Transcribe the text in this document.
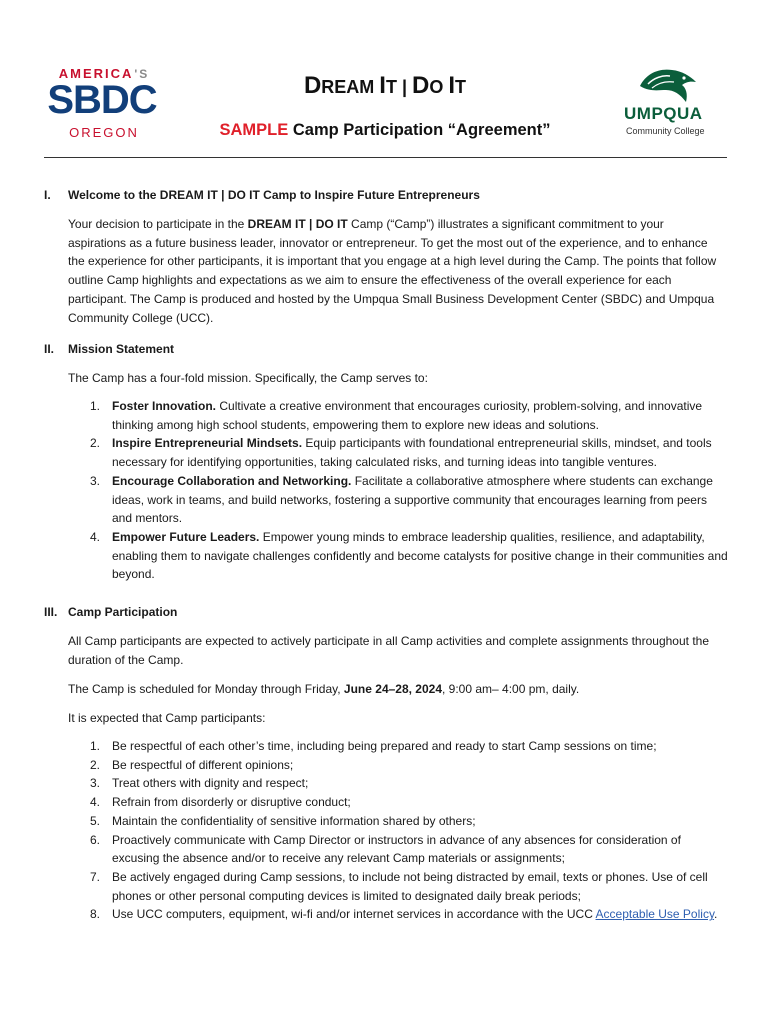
AMERICA'S
SBDC
OREGON
DREAM IT | DO IT
SAMPLE Camp Participation “Agreement”
UMPQUA
Community College
I. Welcome to the DREAM IT | DO IT Camp to Inspire Future Entrepreneurs

Your decision to participate in the DREAM IT | DO IT Camp (“Camp”) illustrates a significant commitment to your aspirations as a future business leader, innovator or entrepreneur. To get the most out of the experience, and to enhance the experience for other participants, it is important that you engage at a high level during the Camp. The points that follow outline Camp highlights and expectations as we aim to ensure the effectiveness of the overall experience for each participant. The Camp is produced and hosted by the Umpqua Small Business Development Center (SBDC) and Umpqua Community College (UCC).

II. Mission Statement

The Camp has a four-fold mission. Specifically, the Camp serves to:

1. Foster Innovation. Cultivate a creative environment that encourages curiosity, problem-solving, and innovative thinking among high school students, empowering them to explore new ideas and solutions.
2. Inspire Entrepreneurial Mindsets. Equip participants with foundational entrepreneurial skills, mindset, and tools necessary for identifying opportunities, taking calculated risks, and turning ideas into tangible ventures.
3. Encourage Collaboration and Networking. Facilitate a collaborative atmosphere where students can exchange ideas, work in teams, and build networks, fostering a supportive community that encourages learning from peers and mentors.
4. Empower Future Leaders. Empower young minds to embrace leadership qualities, resilience, and adaptability, enabling them to navigate challenges confidently and become catalysts for positive change in their communities and beyond.
III. Camp Participation

All Camp participants are expected to actively participate in all Camp activities and complete assignments throughout the duration of the Camp.

The Camp is scheduled for Monday through Friday, June 24–28, 2024, 9:00 am– 4:00 pm, daily.

It is expected that Camp participants:

1. Be respectful of each other’s time, including being prepared and ready to start Camp sessions on time;
2. Be respectful of different opinions;
3. Treat others with dignity and respect;
4. Refrain from disorderly or disruptive conduct;
5. Maintain the confidentiality of sensitive information shared by others;
6. Proactively communicate with Camp Director or instructors in advance of any absences for consideration of excusing the absence and/or to receive any relevant Camp materials or assignments;
7. Be actively engaged during Camp sessions, to include not being distracted by email, texts or phones. Use of cell phones or other personal computing devices is limited to designated daily break periods;
8. Use UCC computers, equipment, wi-fi and/or internet services in accordance with the UCC Acceptable Use Policy.
